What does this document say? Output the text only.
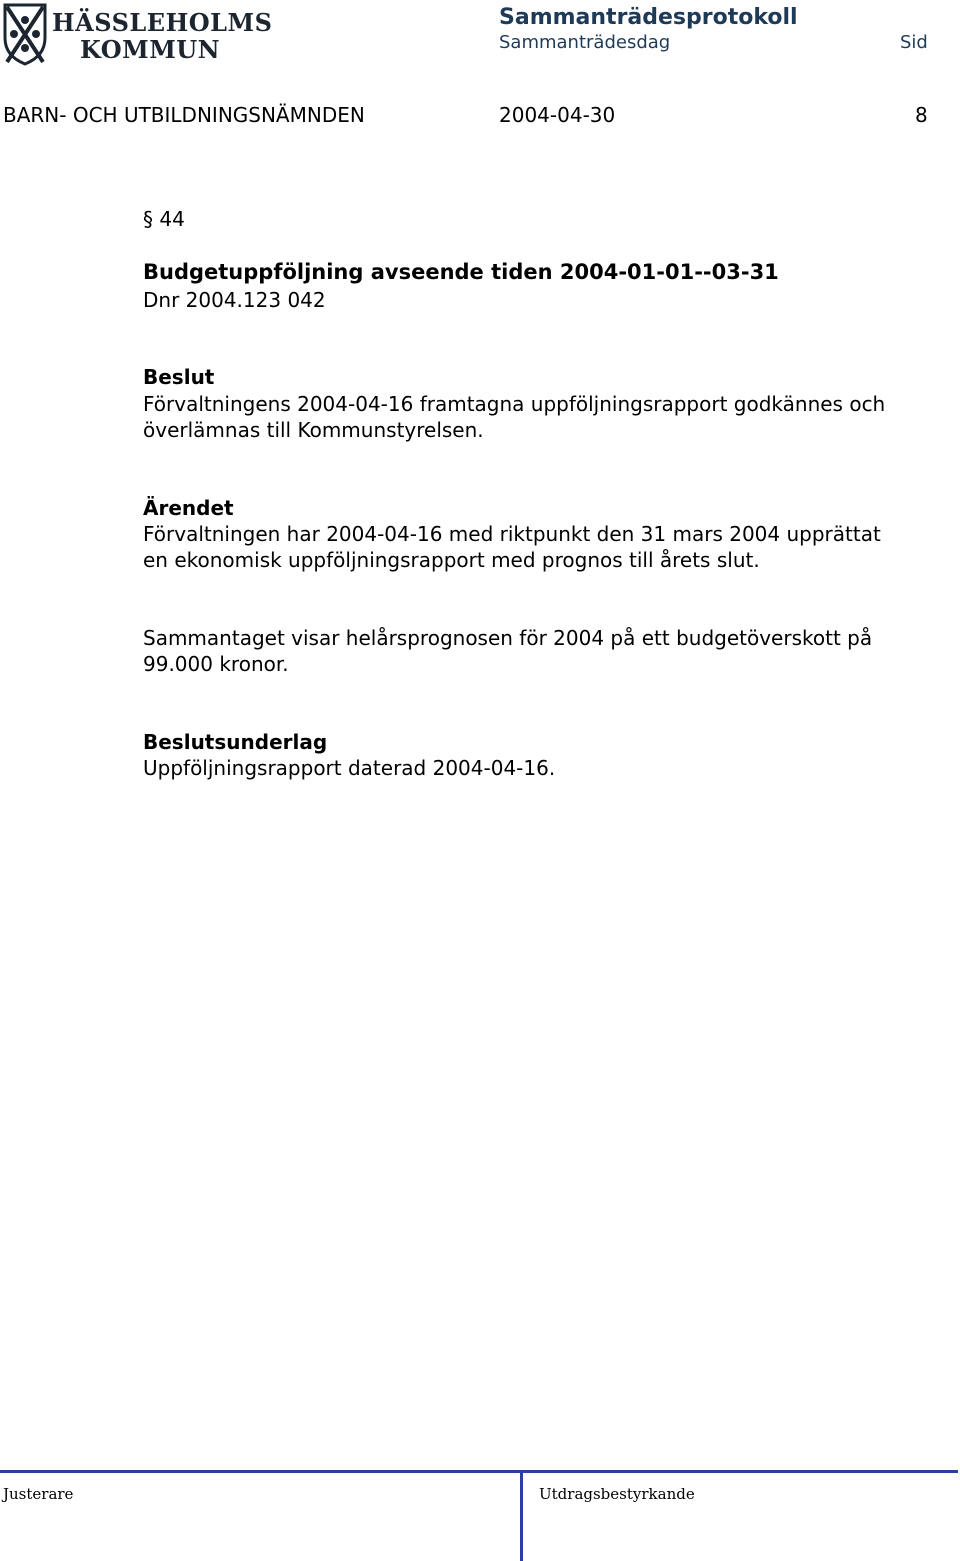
HÄSSLEHOLMS
KOMMUN
Sammanträdesprotokoll
Sammanträdesdag	Sid
BARN- OCH UTBILDNINGSNÄMNDEN	2004-04-30	8
§ 44
Budgetuppföljning avseende tiden 2004-01-01--03-31
Dnr 2004.123 042
Beslut
Förvaltningens 2004-04-16 framtagna uppföljningsrapport godkännes och överlämnas till Kommunstyrelsen.
Ärendet
Förvaltningen har 2004-04-16 med riktpunkt den 31 mars 2004 upprättat en ekonomisk uppföljningsrapport med prognos till årets slut.
Sammantaget visar helårsprognosen för 2004 på ett budgetöverskott på 99.000 kronor.
Beslutsunderlag
Uppföljningsrapport daterad 2004-04-16.
Justerare	Utdragsbestyrkande
